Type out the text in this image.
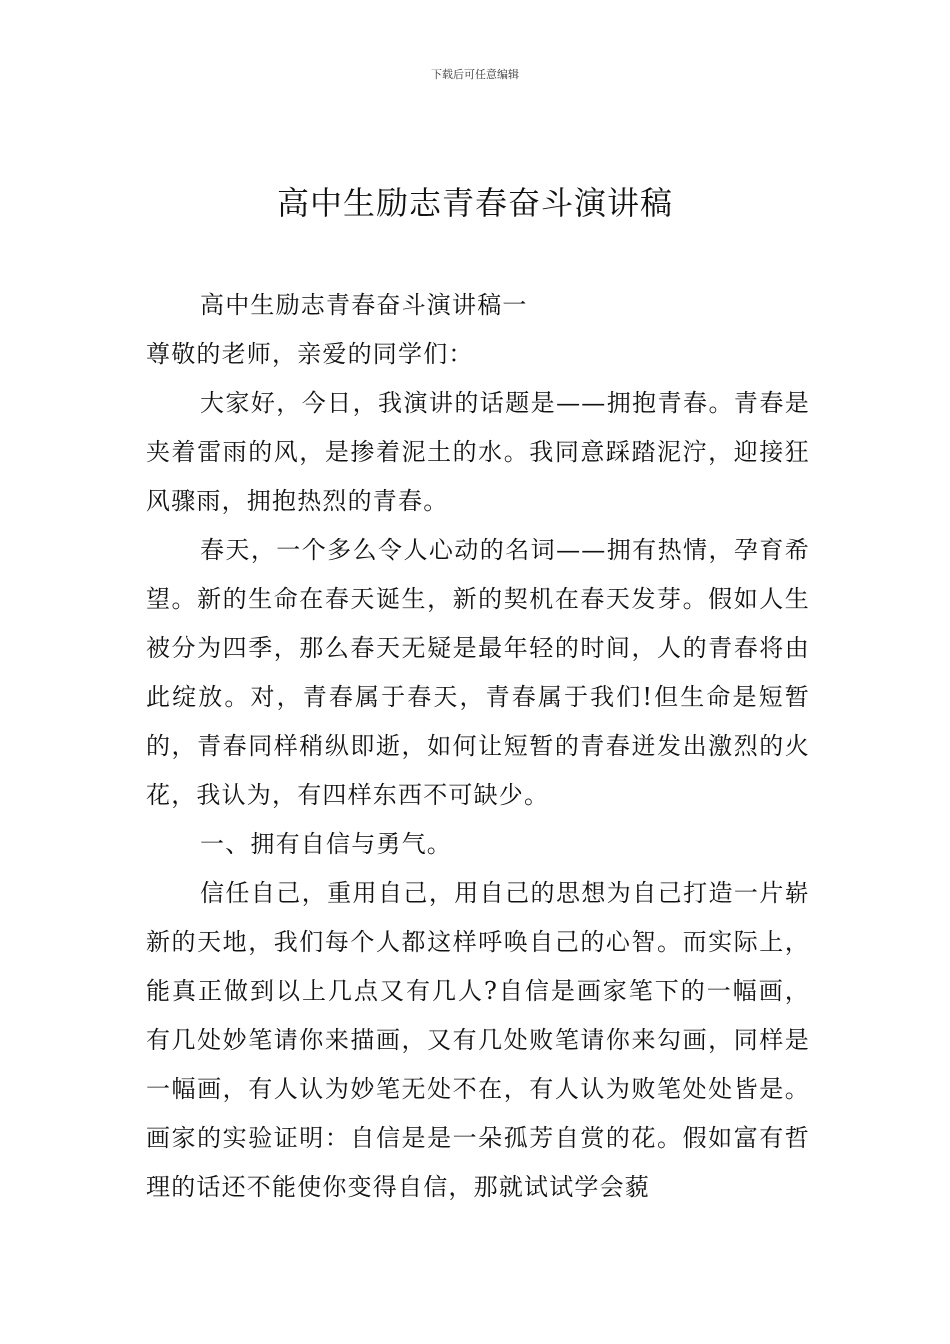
下载后可任意编辑
高中生励志青春奋斗演讲稿

高中生励志青春奋斗演讲稿一

尊敬的老师，亲爱的同学们：

大家好，今日，我演讲的话题是——拥抱青春。青春是夹着雷雨的风，是掺着泥土的水。我同意踩踏泥泞，迎接狂风骤雨，拥抱热烈的青春。

春天，一个多么令人心动的名词——拥有热情，孕育希望。新的生命在春天诞生，新的契机在春天发芽。假如人生被分为四季，那么春天无疑是最年轻的时间，人的青春将由此绽放。对，青春属于春天，青春属于我们!但生命是短暂的，青春同样稍纵即逝，如何让短暂的青春迸发出激烈的火花，我认为，有四样东西不可缺少。

一、拥有自信与勇气。

信任自己，重用自己，用自己的思想为自己打造一片崭新的天地，我们每个人都这样呼唤自己的心智。而实际上，能真正做到以上几点又有几人?自信是画家笔下的一幅画，有几处妙笔请你来描画，又有几处败笔请你来勾画，同样是一幅画，有人认为妙笔无处不在，有人认为败笔处处皆是。画家的实验证明：自信是是一朵孤芳自赏的花。假如富有哲理的话还不能使你变得自信，那就试试学会藐
